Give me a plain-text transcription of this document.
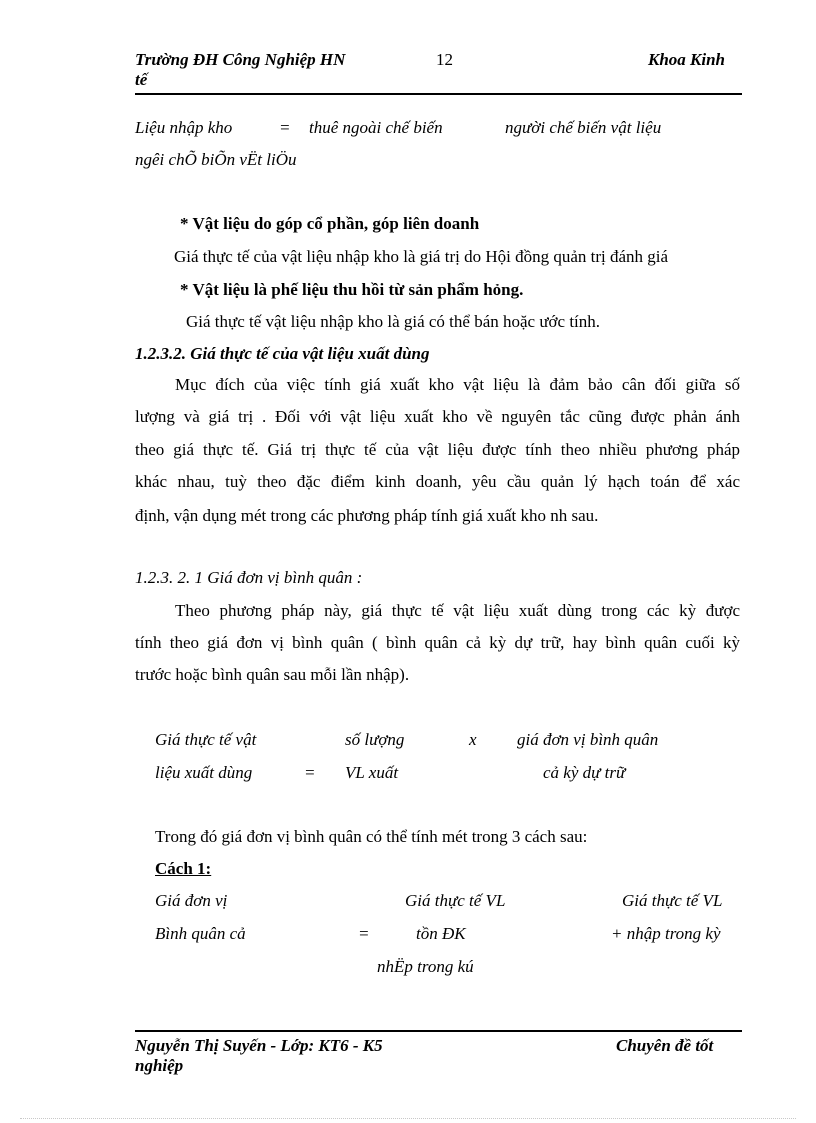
Trường ĐH Công Nghiệp HN
tế
12	Khoa Kinh
Liệu nhập kho	= thuê ngoài chế biến	người chế biến vật liệu
ngêi chÕ biÕn vËt liÖu
* Vật liệu do góp cổ phần, góp liên doanh
Giá thực tế của vật liệu nhập kho là giá trị do Hội đồng quản trị đánh giá
* Vật liệu là phế liệu thu hồi từ sản phẩm hỏng.
Giá thực tế vật liệu nhập kho là giá có thể bán hoặc ước tính.
1.2.3.2. Giá thực tế của vật liệu xuất dùng
Mục đích của việc tính giá xuất kho vật liệu là đảm bảo cân đối giữa số
lượng và giá trị . Đối với vật liệu xuất kho về nguyên tắc cũng được phản ánh
theo giá thực tế. Giá trị thực tế của vật liệu được tính theo nhiều phương pháp
khác nhau, tuỳ theo đặc điểm kinh doanh, yêu cầu quản lý hạch toán để xác
định, vận dụng mét trong các phương pháp tính giá xuất kho nh sau.
1.2.3. 2. 1 Giá đơn vị bình quân :
Theo phương pháp này, giá thực tế vật liệu xuất dùng trong các kỳ được
tính theo giá đơn vị bình quân ( bình quân cả kỳ dự trữ, hay bình quân cuối kỳ
trước hoặc bình quân sau mỗi lần nhập).
Giá thực tế vật	số lượng	x giá đơn vị bình quân
liệu xuất dùng	= VL xuất	cả kỳ dự trữ
Trong đó giá đơn vị bình quân có thể tính mét trong 3 cách sau:
Cách 1:
Giá đơn vị	Giá thực tế VL	Giá thực tế VL
Bình quân cả	=	tồn ĐK	+ nhập trong kỳ
nhËp trong kú
Nguyễn Thị Suyến - Lớp: KT6 - K5
nghiệp
Chuyên đề tốt
